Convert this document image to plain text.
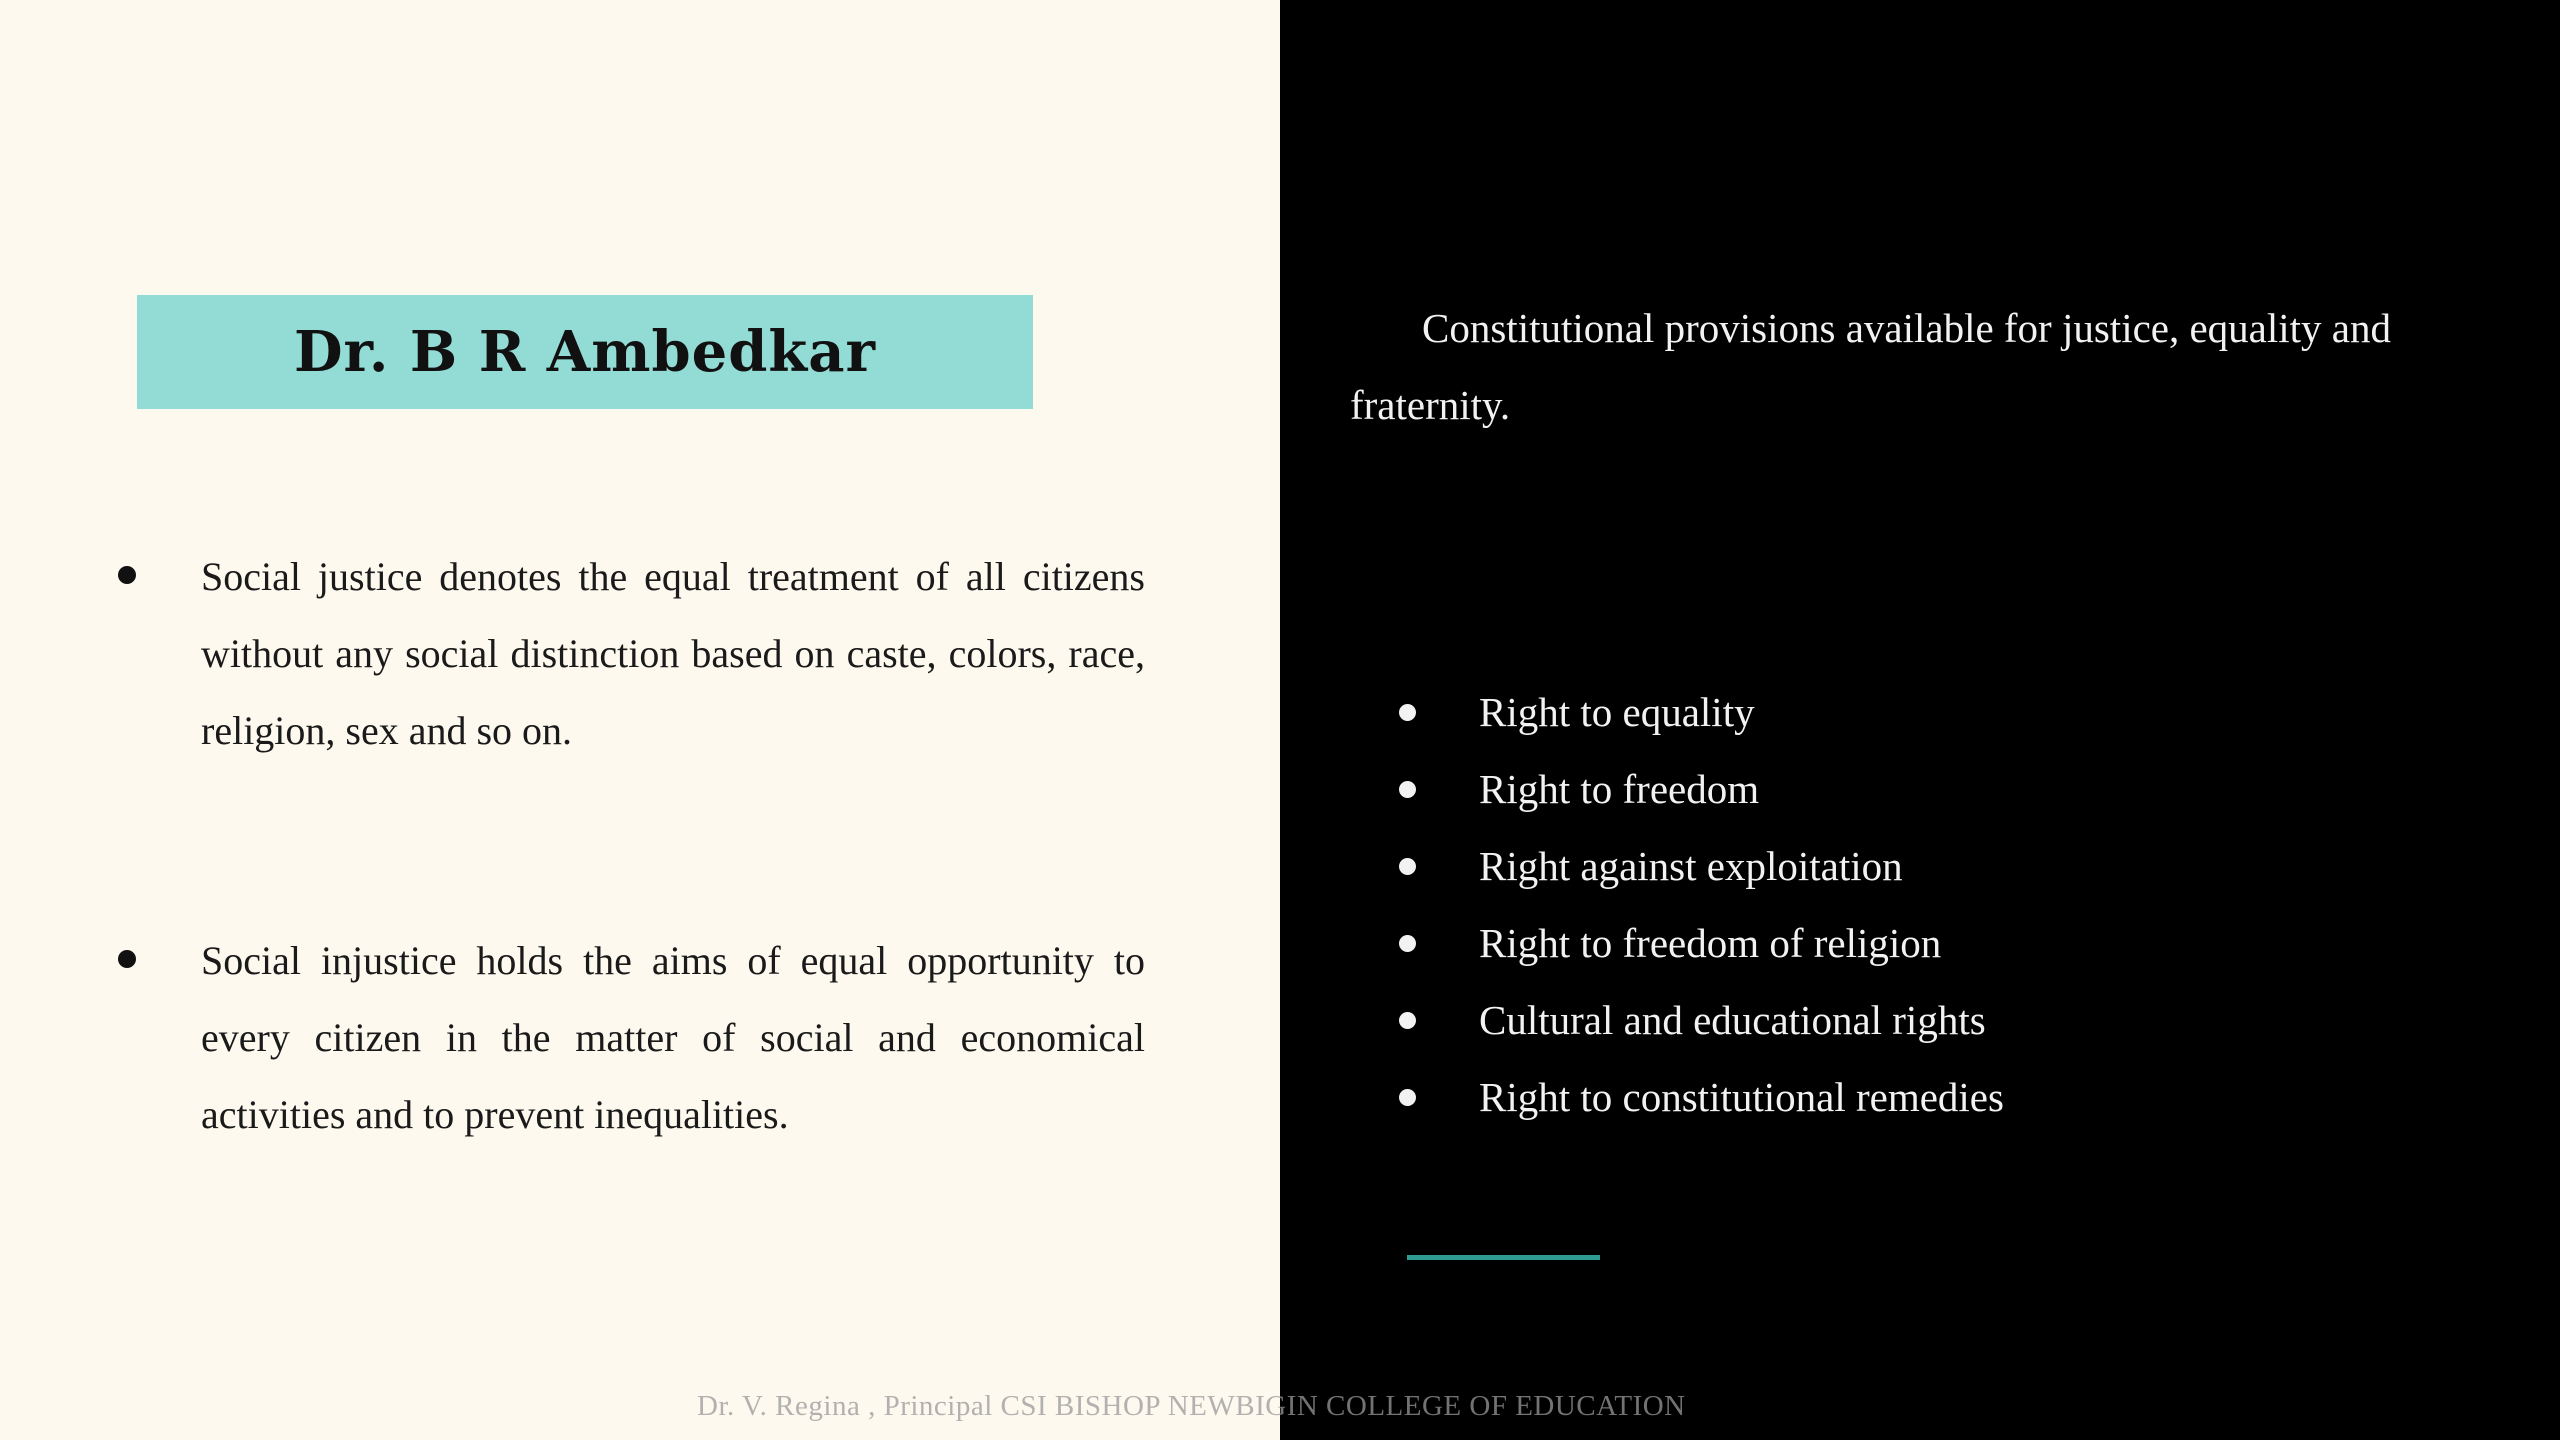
Dr. B R Ambedkar
Social justice denotes the equal treatment of all citizens without any social distinction based on caste, colors, race, religion, sex and so on.
Social injustice holds the aims of equal opportunity to every citizen in the matter of social and economical activities and to prevent inequalities.
Constitutional provisions available for justice, equality and fraternity.
Right to equality
Right to freedom
Right against exploitation
Right to freedom of religion
Cultural and educational rights
Right to constitutional remedies
Dr. V. Regina , Principal CSI BISHOP NEWBIGIN COLLEGE OF EDUCATION
